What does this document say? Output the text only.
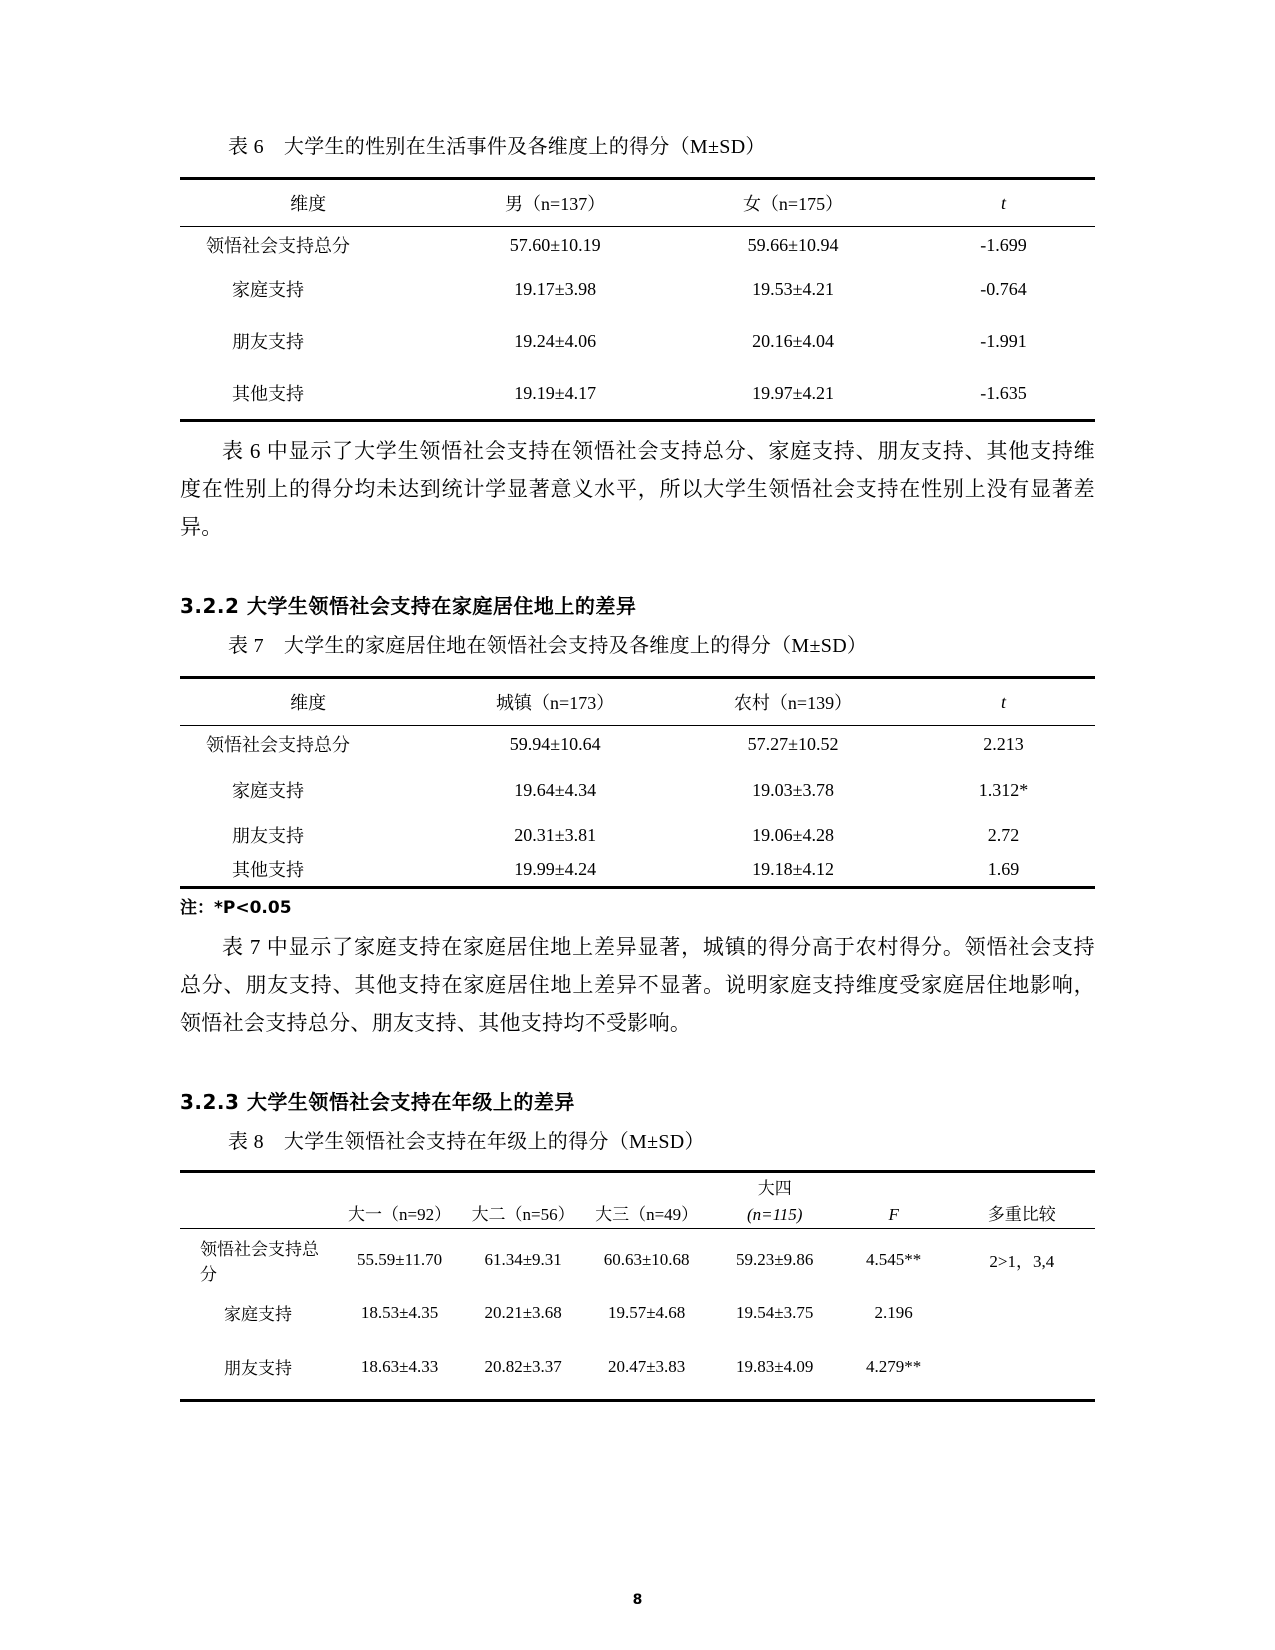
表 6 大学生的性别在生活事件及各维度上的得分（M±SD）
维度	男（n=137）	女（n=175）	t

领悟社会支持总分	57.60±10.19	59.66±10.94	-1.699
家庭支持	19.17±3.98	19.53±4.21	-0.764
朋友支持	19.24±4.06	20.16±4.04	-1.991
其他支持	19.19±4.17	19.97±4.21	-1.635

表 6 中显示了大学生领悟社会支持在领悟社会支持总分、家庭支持、朋友支持、其他支持维度在性别上的得分均未达到统计学显著意义水平，所以大学生领悟社会支持在性别上没有显著差异。

3.2.2 大学生领悟社会支持在家庭居住地上的差异
表 7 大学生的家庭居住地在领悟社会支持及各维度上的得分（M±SD）
维度	城镇（n=173）	农村（n=139）	t

领悟社会支持总分	59.94±10.64	57.27±10.52	2.213
家庭支持	19.64±4.34	19.03±3.78	1.312*
朋友支持	20.31±3.81	19.06±4.28	2.72
其他支持	19.99±4.24	19.18±4.12	1.69
注：*P<0.05

表 7 中显示了家庭支持在家庭居住地上差异显著，城镇的得分高于农村得分。领悟社会支持总分、朋友支持、其他支持在家庭居住地上差异不显著。说明家庭支持维度受家庭居住地影响，领悟社会支持总分、朋友支持、其他支持均不受影响。

3.2.3 大学生领悟社会支持在年级上的差异
表 8 大学生领悟社会支持在年级上的得分（M±SD）
				大四		
	大一（n=92）	大二（n=56）	大三（n=49）	(n=115)	F	多重比较

领悟社会支持总分	55.59±11.70	61.34±9.31	60.63±10.68	59.23±9.86	4.545**	2>1，3,4
家庭支持	18.53±4.35	20.21±3.68	19.57±4.68	19.54±3.75	2.196	
朋友支持	18.63±4.33	20.82±3.37	20.47±3.83	19.83±4.09	4.279**	
8
